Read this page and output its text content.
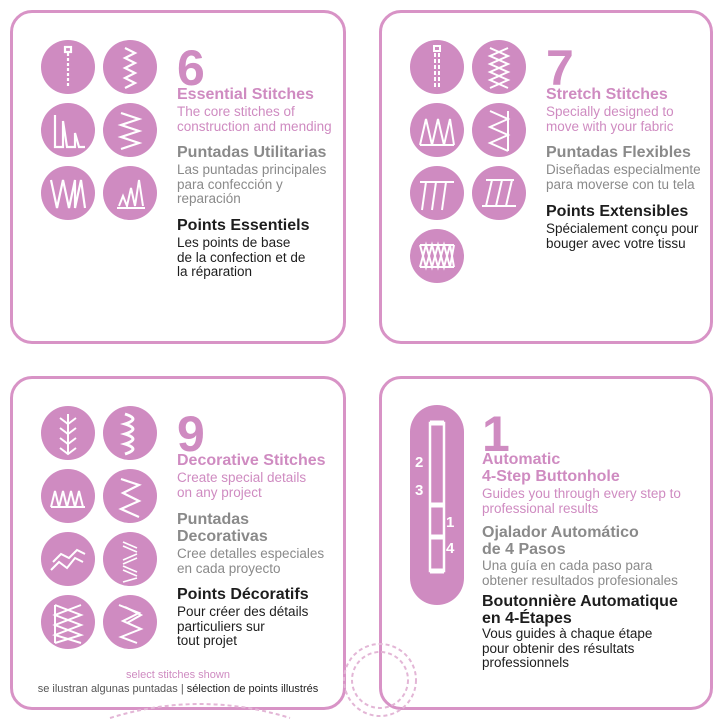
6
Essential Stitches
The core stitches of
construction and mending
Puntadas Utilitarias
Las puntadas principales
para confección y
reparación
Points Essentiels
Les points de base
de la confection et de
la réparation
7
Stretch Stitches
Specially designed to
move with your fabric
Puntadas Flexibles
Diseñadas especialmente
para moverse con tu tela
Points Extensibles
Spécialement conçu pour
bouger avec votre tissu
9
Decorative Stitches
Create special details
on any project
Puntadas
Decorativas
Cree detalles especiales
en cada proyecto
Points Décoratifs
Pour créer des détails
particuliers sur
tout projet
select stitches shown
se ilustran algunas puntadas | sélection de points illustrés
2
3
1
4
1
Automatic
4-Step Buttonhole
Guides you through every step to
professional results
Ojalador Automático
de 4 Pasos
Una guía en cada paso para
obtener resultados profesionales
Boutonnière Automatique
en 4-Étapes
Vous guides à chaque étape
pour obtenir des résultats
professionnels
